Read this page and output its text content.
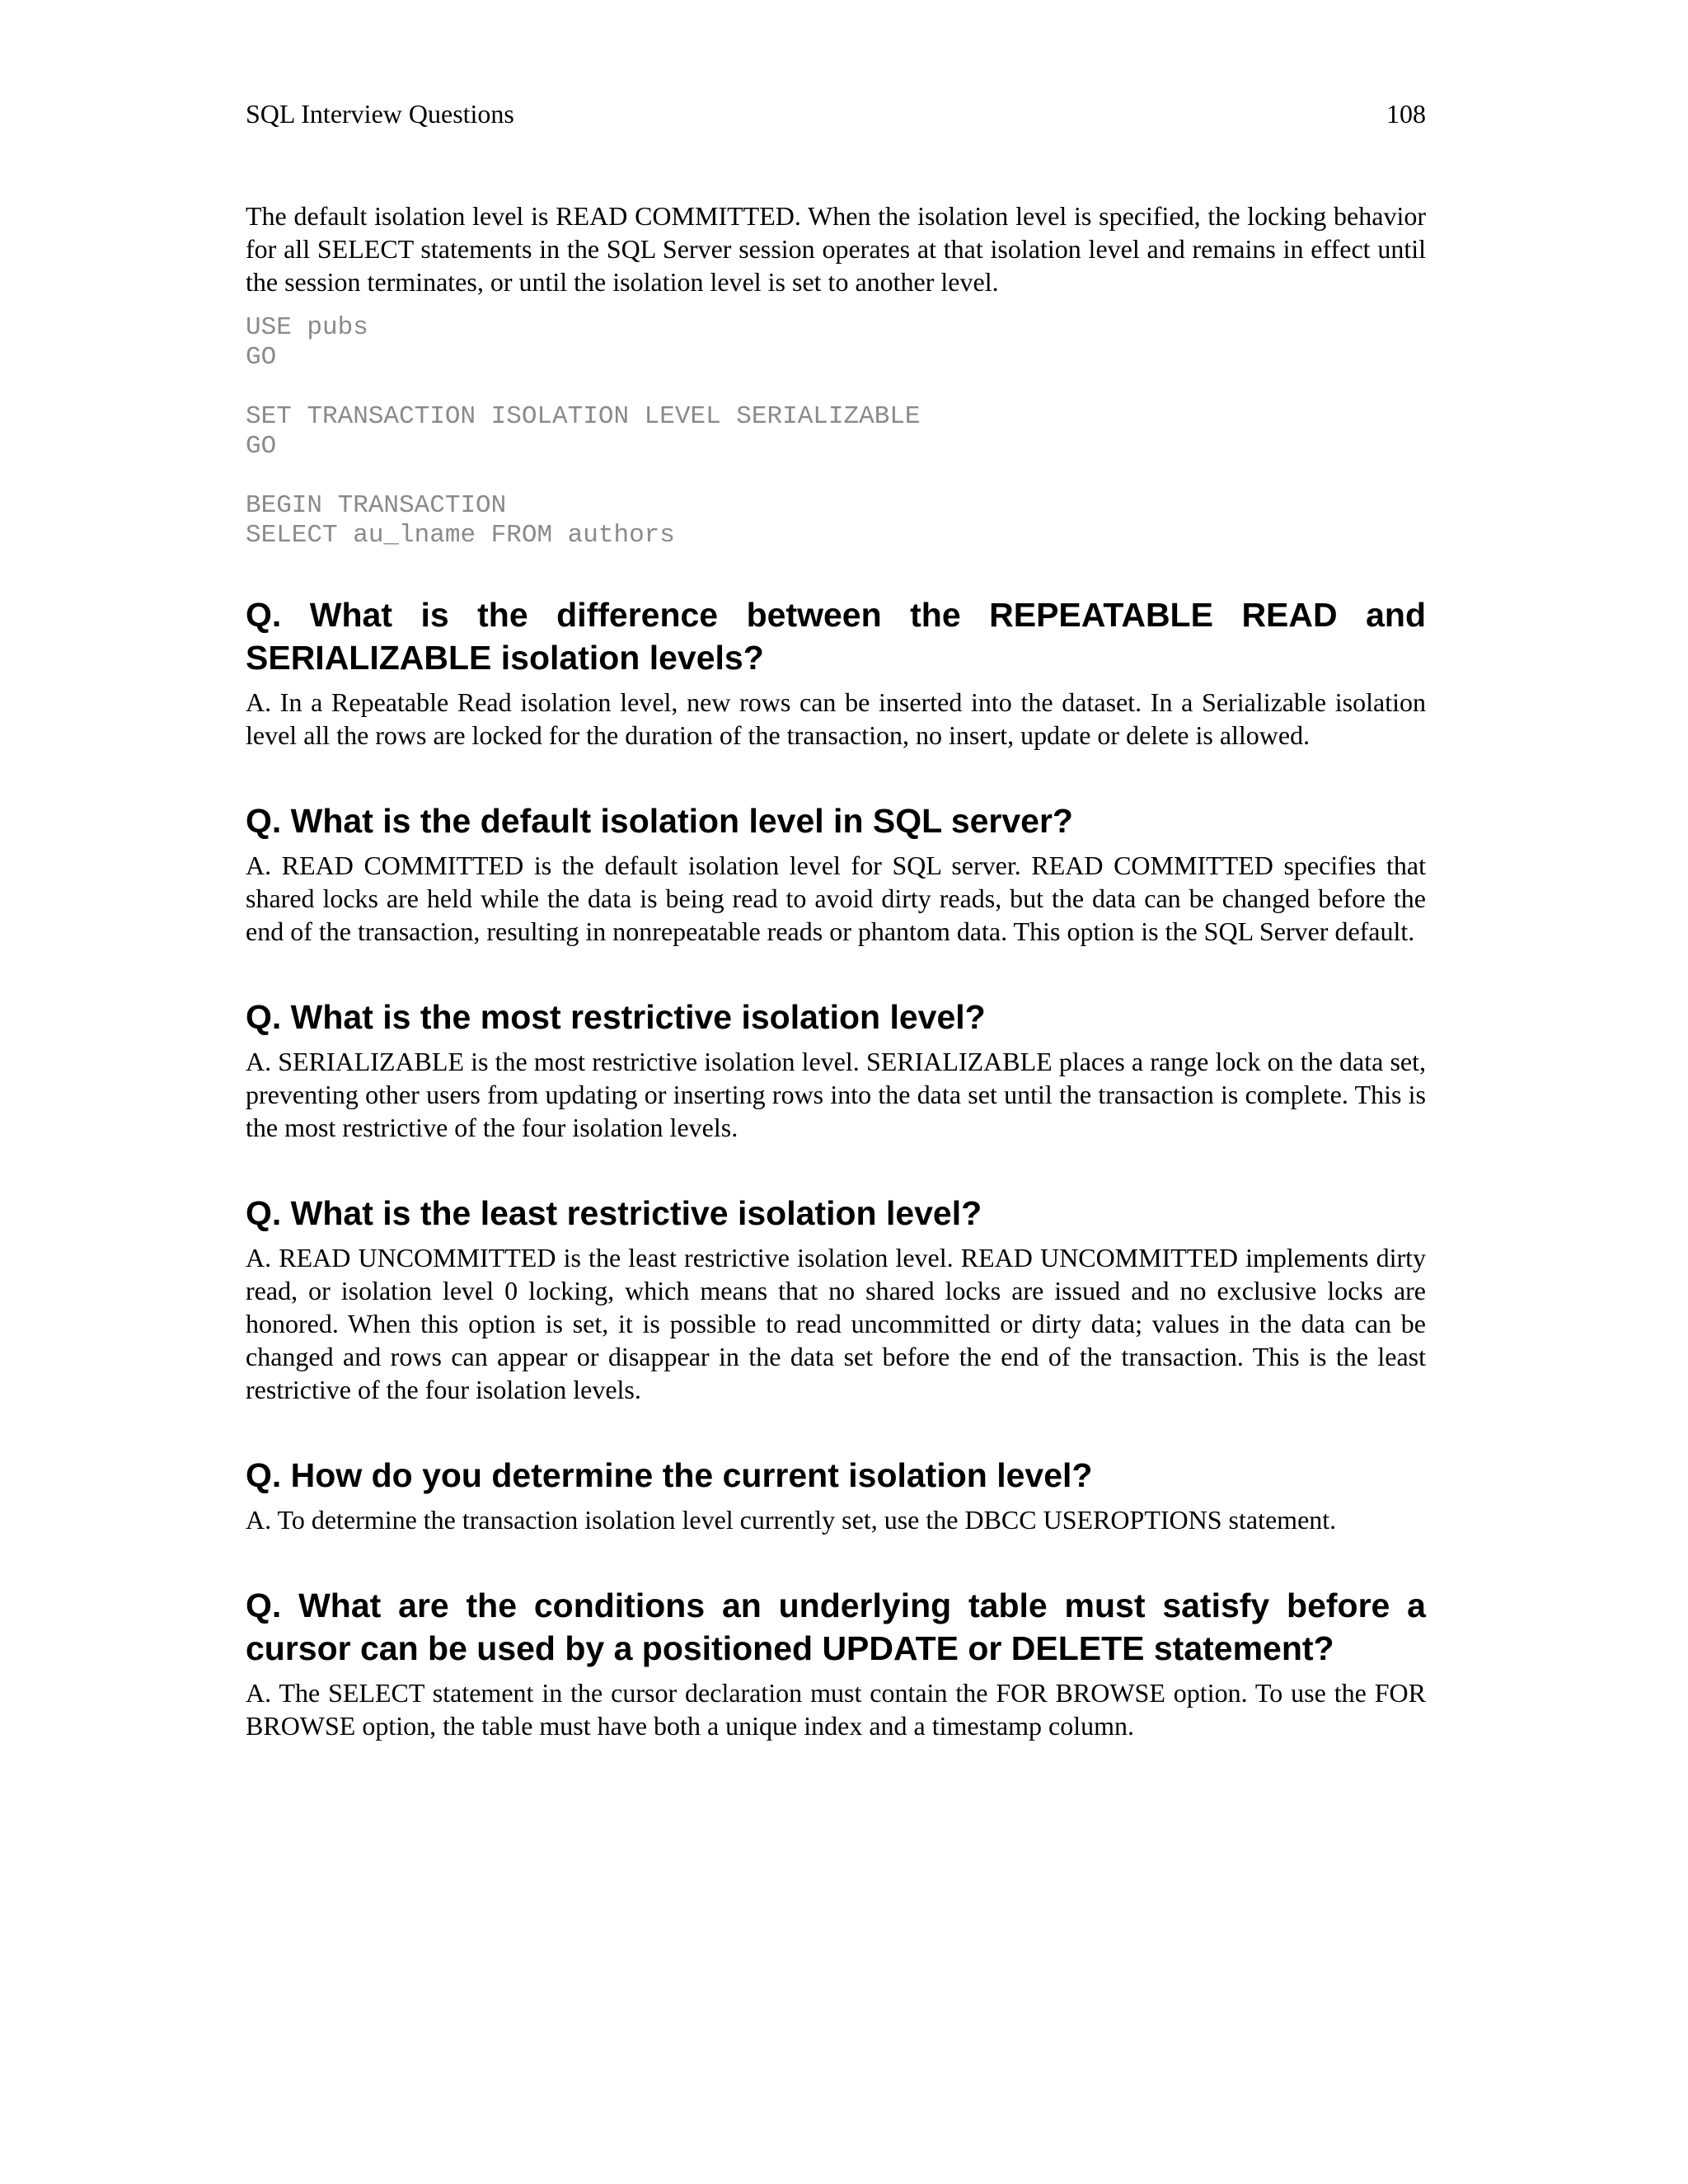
SQL Interview Questions	108

The default isolation level is READ COMMITTED. When the isolation level is specified, the locking behavior for all SELECT statements in the SQL Server session operates at that isolation level and remains in effect until the session terminates, or until the isolation level is set to another level.

USE pubs
GO

SET TRANSACTION ISOLATION LEVEL SERIALIZABLE
GO

BEGIN TRANSACTION
SELECT au_lname FROM authors
Q. What is the difference between the REPEATABLE READ and SERIALIZABLE isolation levels?

A. In a Repeatable Read isolation level, new rows can be inserted into the dataset. In a Serializable isolation level all the rows are locked for the duration of the transaction, no insert, update or delete is allowed.

Q. What is the default isolation level in SQL server?

A. READ COMMITTED is the default isolation level for SQL server. READ COMMITTED specifies that shared locks are held while the data is being read to avoid dirty reads, but the data can be changed before the end of the transaction, resulting in nonrepeatable reads or phantom data. This option is the SQL Server default.

Q. What is the most restrictive isolation level?

A. SERIALIZABLE is the most restrictive isolation level. SERIALIZABLE places a range lock on the data set, preventing other users from updating or inserting rows into the data set until the transaction is complete. This is the most restrictive of the four isolation levels.

Q. What is the least restrictive isolation level?

A. READ UNCOMMITTED is the least restrictive isolation level. READ UNCOMMITTED implements dirty read, or isolation level 0 locking, which means that no shared locks are issued and no exclusive locks are honored. When this option is set, it is possible to read uncommitted or dirty data; values in the data can be changed and rows can appear or disappear in the data set before the end of the transaction. This is the least restrictive of the four isolation levels.

Q. How do you determine the current isolation level?

A. To determine the transaction isolation level currently set, use the DBCC USEROPTIONS statement.

Q. What are the conditions an underlying table must satisfy before a cursor can be used by a positioned UPDATE or DELETE statement?

A. The SELECT statement in the cursor declaration must contain the FOR BROWSE option. To use the FOR BROWSE option, the table must have both a unique index and a timestamp column.
